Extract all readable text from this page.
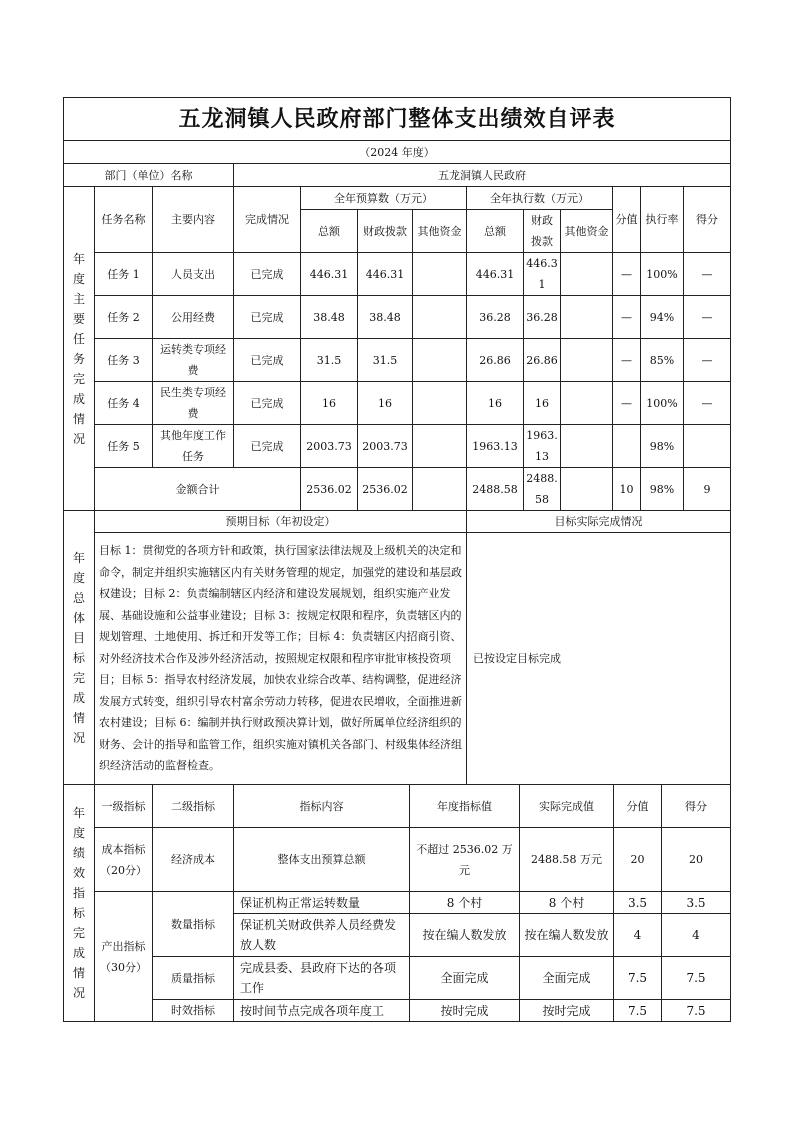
五龙洞镇人民政府部门整体支出绩效自评表												
（2024 年度）												
部门（单位）名称			五龙洞镇人民政府									

年度主要任务完成情况	任务名称	主要内容	完成情况	全年预算数（万元）			全年执行数（万元）			分值	执行率	得分
				总额	财政拨款	其他资金	总额	财政拨款	其他资金			
	任务 1	人员支出	已完成	446.31	446.31		446.31	446.31		—	100%	—
	任务 2	公用经费	已完成	38.48	38.48		36.28	36.28		—	94%	—
	任务 3	运转类专项经费	已完成	31.5	31.5		26.86	26.86		—	85%	—
	任务 4	民生类专项经费	已完成	16	16		16	16		—	100%	—
	任务 5	其他年度工作任务	已完成	2003.73	2003.73		1963.13	1963.13			98%	
	金额合计			2536.02	2536.02		2488.58	2488.58		10	98%	9
年度总体目标完成情况	预期目标（年初设定）	目标实际完成情况
	目标 1：贯彻党的各项方针和政策，执行国家法律法规及上级机关的决定和命令，制定并组织实施辖区内有关财务管理的规定，加强党的建设和基层政权建设；目标 2：负责编制辖区内经济和建设发展规划，组织实施产业发展、基础设施和公益事业建设；目标 3：按规定权限和程序，负责辖区内的规划管理、土地使用、拆迁和开发等工作；目标 4：负责辖区内招商引资、对外经济技术合作及涉外经济活动，按照规定权限和程序审批审核投资项目；目标 5：指导农村经济发展，加快农业综合改革、结构调整，促进经济发展方式转变，组织引导农村富余劳动力转移，促进农民增收，全面推进新农村建设；目标 6：编制并执行财政预决算计划，做好所属单位经济组织的财务、会计的指导和监管工作，组织实施对镇机关各部门、村级集体经济组织经济活动的监督检查。	已按设定目标完成
年度绩效指标完成情况	一级指标	二级指标	指标内容	年度指标值	实际完成值	分值	得分
	成本指标（20分）	经济成本	整体支出预算总额	不超过 2536.02 万元	2488.58 万元	20	20
	产出指标（30分）	数量指标	保证机构正常运转数量	8 个村	8 个村	3.5	3.5
			保证机关财政供养人员经费发放人数	按在编人数发放	按在编人数发放	4	4
		质量指标	完成县委、县政府下达的各项工作	全面完成	全面完成	7.5	7.5
		时效指标	按时间节点完成各项年度工	按时完成	按时完成	7.5	7.5
